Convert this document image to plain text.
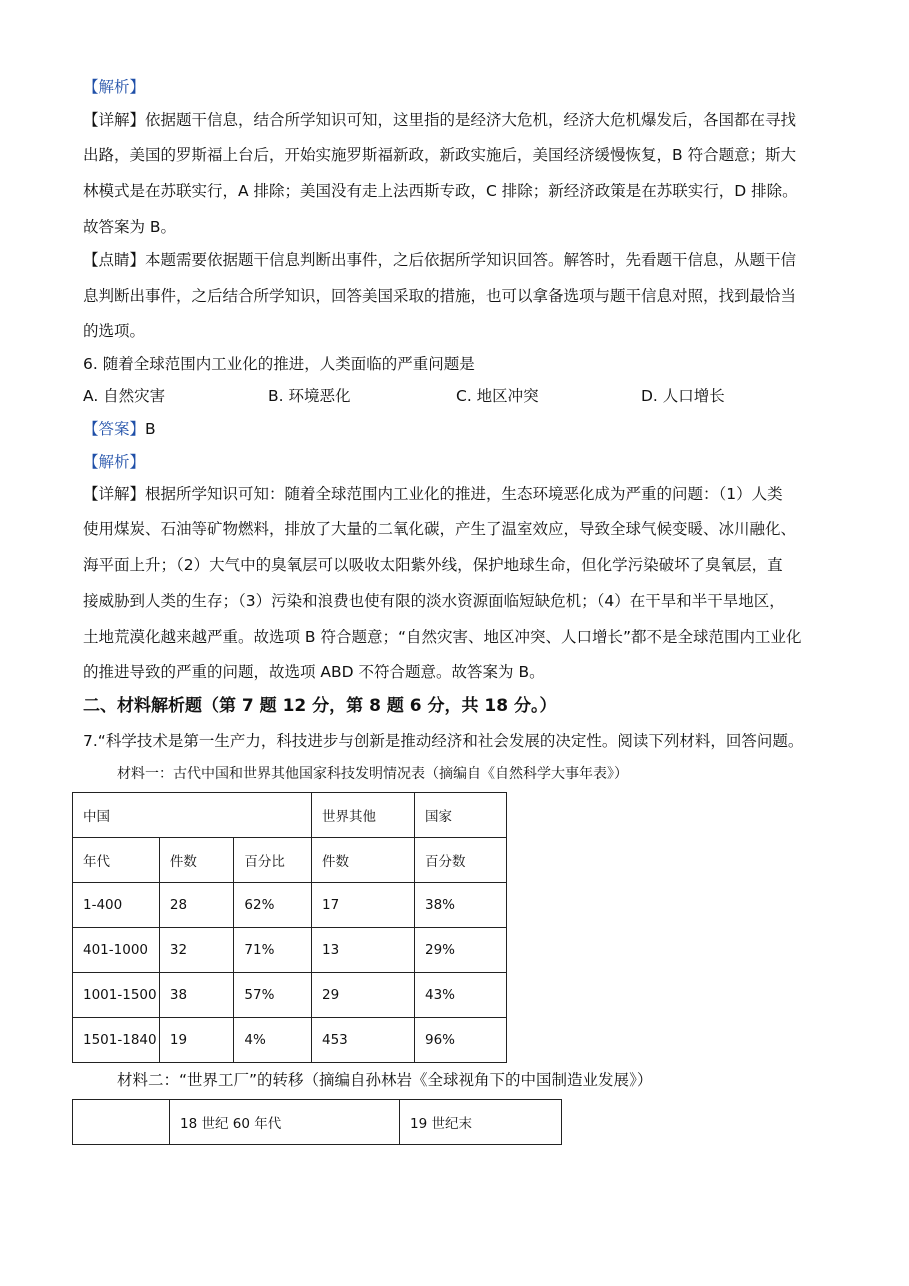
【解析】
【详解】依据题干信息，结合所学知识可知，这里指的是经济大危机，经济大危机爆发后，各国都在寻找
出路，美国的罗斯福上台后，开始实施罗斯福新政，新政实施后，美国经济缓慢恢复，B 符合题意；斯大
林模式是在苏联实行，A 排除；美国没有走上法西斯专政，C 排除；新经济政策是在苏联实行，D 排除。
故答案为 B。
【点睛】本题需要依据题干信息判断出事件，之后依据所学知识回答。解答时，先看题干信息，从题干信
息判断出事件，之后结合所学知识，回答美国采取的措施，也可以拿备选项与题干信息对照，找到最恰当
的选项。
6. 随着全球范围内工业化的推进，人类面临的严重问题是
A. 自然灾害	B. 环境恶化	C. 地区冲突	D. 人口增长
【答案】B
【解析】
【详解】根据所学知识可知：随着全球范围内工业化的推进，生态环境恶化成为严重的问题：（1）人类
使用煤炭、石油等矿物燃料，排放了大量的二氧化碳，产生了温室效应，导致全球气候变暖、冰川融化、
海平面上升；（2）大气中的臭氧层可以吸收太阳紫外线，保护地球生命，但化学污染破坏了臭氧层，直
接威胁到人类的生存；（3）污染和浪费也使有限的淡水资源面临短缺危机；（4）在干旱和半干旱地区，
土地荒漠化越来越严重。故选项 B 符合题意；“自然灾害、地区冲突、人口增长”都不是全球范围内工业化
的推进导致的严重的问题，故选项 ABD 不符合题意。故答案为 B。
二、材料解析题（第 7 题 12 分，第 8 题 6 分，共 18 分。）
7.“科学技术是第一生产力，科技进步与创新是推动经济和社会发展的决定性。阅读下列材料，回答问题。
材料一：古代中国和世界其他国家科技发明情况表（摘编自《自然科学大事年表》）
中国			世界其他	国家
年代	件数	百分比	件数	百分数
1-400	28	62%	17	38%
401-1000	32	71%	13	29%
1001-1500	38	57%	29	43%
1501-1840	19	4%	453	96%
材料二：“世界工厂”的转移（摘编自孙林岩《全球视角下的中国制造业发展》）
	18 世纪 60 年代	19 世纪末
